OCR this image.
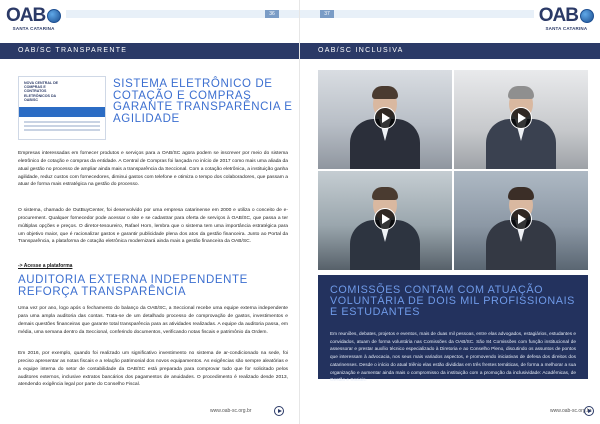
OAB
SANTA CATARINA
36
OAB/SC TRANSPARENTE
NOVA CENTRAL DE COMPRAS E CONTRATOS ELETRÔNICOS DA OAB/SC
SISTEMA ELETRÔNICO DE COTAÇÃO E COMPRAS GARANTE TRANSPARÊNCIA E AGILIDADE

Empresas interessadas em fornecer produtos e serviços para a OAB/SC agora podem se inscrever por meio do sistema eletrônico de cotação e compras da entidade. A Central de Compras foi lançada no início de 2017 como mais uma aliada da atual gestão no processo de ampliar ainda mais a transparência da Seccional. Com a cotação eletrônica, a instituição ganha agilidade, reduz custos com fornecedores, diminui gastos com telefone e otimiza o tempo dos colaboradores, que passam a atuar de forma mais estratégica na gestão do processo.

O sistema, chamado de OutBuyCenter, foi desenvolvido por uma empresa catarinense em 2000 e utiliza o conceito de e-procurement. Qualquer fornecedor pode acessar o site e se cadastrar para oferta de serviços à OAB/SC, que passa a ter múltiplas opções e preços. O diretor-tesoureiro, Rafael Horn, lembra que o sistema tem uma importância estratégica para um objetivo maior, que é racionalizar gastos e garantir publicidade plena dos atos da gestão financeira. Junto ao Portal da Transparência, a plataforma de cotação eletrônica modernizará ainda mais a gestão financeira da OAB/SC.

-> Acesse a plataforma
AUDITORIA EXTERNA INDEPENDENTE REFORÇA TRANSPARÊNCIA

Uma vez por ano, logo após o fechamento do balanço da OAB/SC, a Seccional recebe uma equipe externa independente para uma ampla auditoria das contas. Trata-se de um detalhado processo de comprovação de gastos, investimentos e demais questões financeiras que garante total transparência para as atividades realizadas. A equipe da auditoria passa, em média, uma semana dentro da Seccional, conferindo documentos, verificando notas fiscais e patrimônio da Ordem.

Em 2016, por exemplo, quando foi realizado um significativo investimento no sistema de ar-condicionado na sede, foi preciso apresentar as notas fiscais e a relação patrimonial dos novos equipamentos. As exigências são sempre aleatórias e a equipe interna do setor de contabilidade da OAB/SC está preparada para comprovar tudo que for solicitado pelos auditores externos, inclusive extratos bancários dos pagamentos de anuidades. O procedimento é realizado desde 2013, atendendo exigência legal por parte do Conselho Fiscal.

www.oab-sc.org.br
OAB
SANTA CATARINA
37
OAB/SC INCLUSIVA
COMISSÕES CONTAM COM ATUAÇÃO VOLUNTÁRIA DE DOIS MIL PROFISSIONAIS E ESTUDANTES

Em reuniões, debates, projetos e eventos, mais de duas mil pessoas, entre elas advogados, estagiários, estudantes e convidados, atuam de forma voluntária nas Comissões da OAB/SC. São 84 Comissões com função institucional de assessorar e prestar auxílio técnico especializado à Diretoria e ao Conselho Pleno, discutindo os assuntos de pontos que interessam à advocacia, nos seus mais variados aspectos, e promovendo iniciativas de defesa dos direitos dos catarinenses. Desde o início do atual triênio elas estão divididas em três frentes temáticas, de forma a melhorar a sua organização e aumentar ainda mais o compromisso da instituição com a promoção da inclusividade: Acadêmicas, de Gestão e Sociais.

www.oab-sc.org.br
